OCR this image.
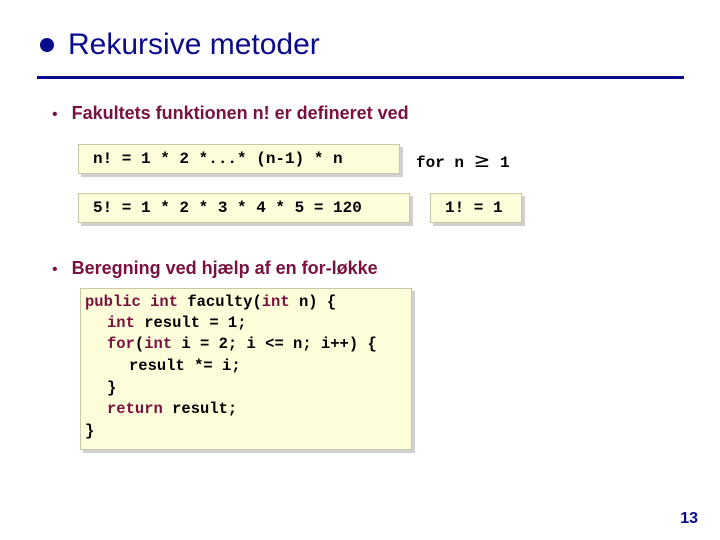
Rekursive metoder
• Fakultets funktionen n! er defineret ved
n! = 1 * 2 *...* (n-1) * n	for n ≥ 1
5! = 1 * 2 * 3 * 4 * 5 = 120	1! = 1
• Beregning ved hjælp af en for-løkke
public int faculty(int n) {
int result = 1;
for(int i = 2; i <= n; i++) {
result *= i;
}
return result;
}
13
